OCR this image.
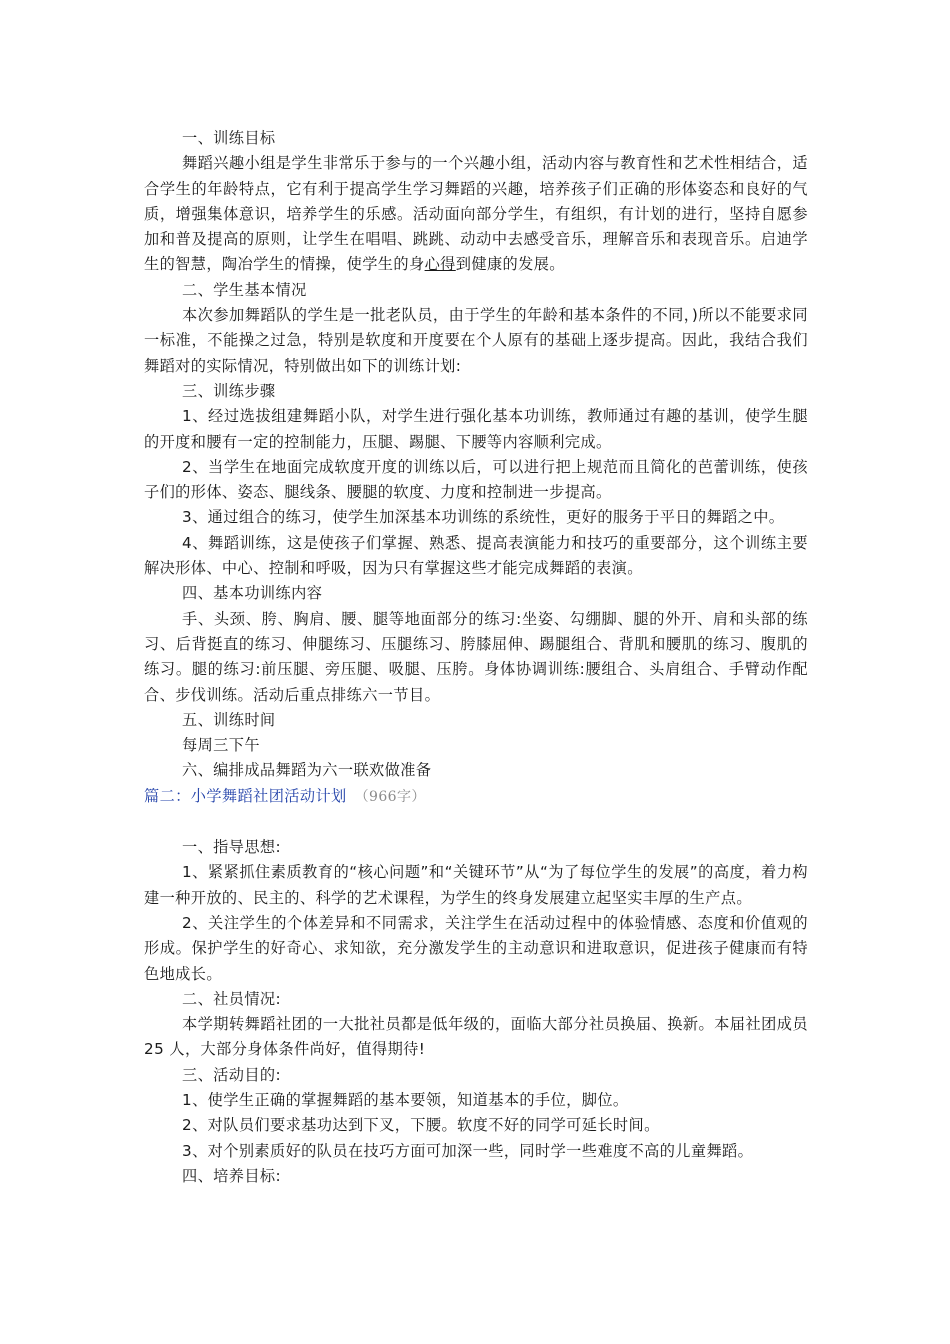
一、训练目标

舞蹈兴趣小组是学生非常乐于参与的一个兴趣小组，活动内容与教育性和艺术性相结合，适合学生的年龄特点，它有利于提高学生学习舞蹈的兴趣，培养孩子们正确的形体姿态和良好的气质，增强集体意识，培养学生的乐感。活动面向部分学生，有组织，有计划的进行，坚持自愿参加和普及提高的原则，让学生在唱唱、跳跳、动动中去感受音乐，理解音乐和表现音乐。启迪学生的智慧，陶冶学生的情操，使学生的身心得到健康的发展。

二、学生基本情况

本次参加舞蹈队的学生是一批老队员，由于学生的年龄和基本条件的不同，)所以不能要求同一标准，不能操之过急，特别是软度和开度要在个人原有的基础上逐步提高。因此，我结合我们舞蹈对的实际情况，特别做出如下的训练计划:

三、训练步骤

1、经过选拔组建舞蹈小队，对学生进行强化基本功训练，教师通过有趣的基训，使学生腿的开度和腰有一定的控制能力，压腿、踢腿、下腰等内容顺利完成。

2、当学生在地面完成软度开度的训练以后，可以进行把上规范而且简化的芭蕾训练，使孩子们的形体、姿态、腿线条、腰腿的软度、力度和控制进一步提高。

3、通过组合的练习，使学生加深基本功训练的系统性，更好的服务于平日的舞蹈之中。

4、舞蹈训练，这是使孩子们掌握、熟悉、提高表演能力和技巧的重要部分，这个训练主要解决形体、中心、控制和呼吸，因为只有掌握这些才能完成舞蹈的表演。

四、基本功训练内容

手、头颈、胯、胸肩、腰、腿等地面部分的练习:坐姿、勾绷脚、腿的外开、肩和头部的练习、后背挺直的练习、伸腿练习、压腿练习、胯膝屈伸、踢腿组合、背肌和腰肌的练习、腹肌的练习。腿的练习:前压腿、旁压腿、吸腿、压胯。身体协调训练:腰组合、头肩组合、手臂动作配合、步伐训练。活动后重点排练六一节目。

五、训练时间

每周三下午

六、编排成品舞蹈为六一联欢做准备

篇二：小学舞蹈社团活动计划 （966字）

一、指导思想:

1、紧紧抓住素质教育的“核心问题”和“关键环节”从“为了每位学生的发展”的高度，着力构建一种开放的、民主的、科学的艺术课程，为学生的终身发展建立起坚实丰厚的生产点。

2、关注学生的个体差异和不同需求，关注学生在活动过程中的体验情感、态度和价值观的形成。保护学生的好奇心、求知欲，充分激发学生的主动意识和进取意识，促进孩子健康而有特色地成长。

二、社员情况:

本学期转舞蹈社团的一大批社员都是低年级的，面临大部分社员换届、换新。本届社团成员 25 人，大部分身体条件尚好，值得期待!

三、活动目的:

1、使学生正确的掌握舞蹈的基本要领，知道基本的手位，脚位。

2、对队员们要求基功达到下叉，下腰。软度不好的同学可延长时间。

3、对个别素质好的队员在技巧方面可加深一些，同时学一些难度不高的儿童舞蹈。

四、培养目标:
